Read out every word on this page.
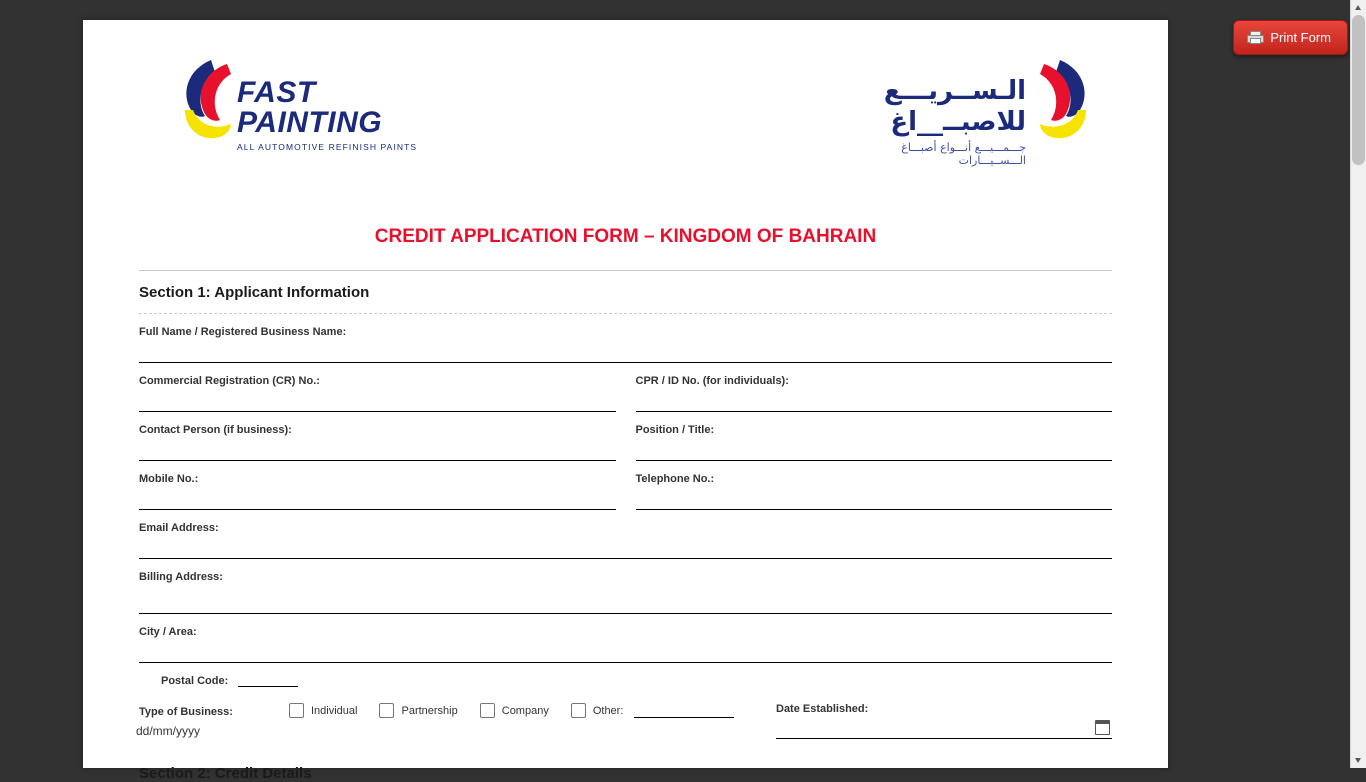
FAST PAINTING
ALL AUTOMOTIVE REFINISH PAINTS
الـســريـــع للاصبــ__اغ
جـــمـــيـــع أنـــواع أصبـــاغ الـــســيـــارات
CREDIT APPLICATION FORM – KINGDOM OF BAHRAIN
Section 1: Applicant Information
Full Name / Registered Business Name:
Commercial Registration (CR) No.:	CPR / ID No. (for individuals):
Contact Person (if business):	Position / Title:
Mobile No.:	Telephone No.:
Email Address:
Billing Address:
City / Area:
Postal Code:
Type of Business:	Individual	Partnership	Company	Other:
dd/mm/yyyy
Date Established:
Section 2: Credit Details
Print Form
